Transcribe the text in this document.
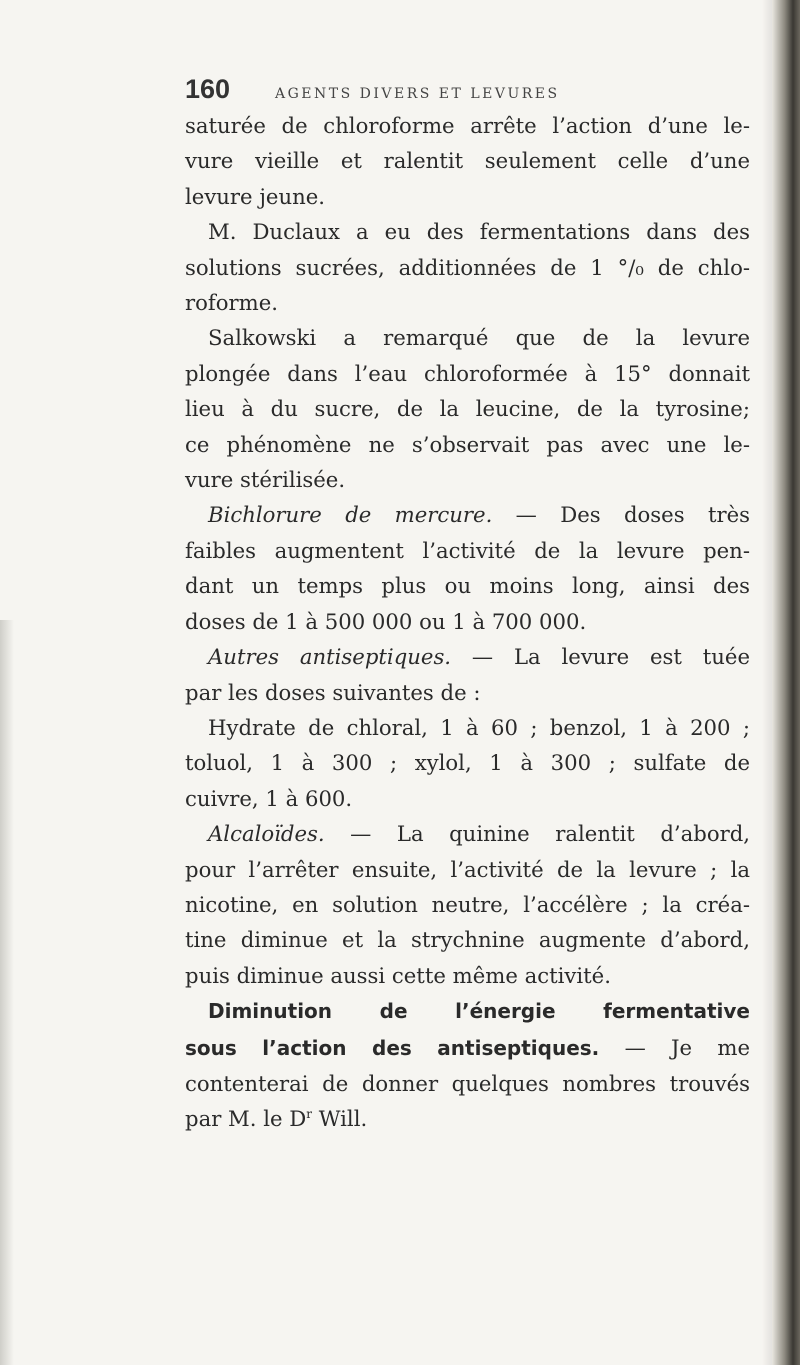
160	AGENTS DIVERS ET LEVURES
saturée de chloroforme arrête l’action d’une le-
vure vieille et ralentit seulement celle d’une
levure jeune.
M. Duclaux a eu des fermentations dans des
solutions sucrées, additionnées de 1 °/₀ de chlo-
roforme.
Salkowski a remarqué que de la levure
plongée dans l’eau chloroformée à 15° donnait
lieu à du sucre, de la leucine, de la tyrosine;
ce phénomène ne s’observait pas avec une le-
vure stérilisée.
Bichlorure de mercure. — Des doses très
faibles augmentent l’activité de la levure pen-
dant un temps plus ou moins long, ainsi des
doses de 1 à 500 000 ou 1 à 700 000.
Autres antiseptiques. — La levure est tuée
par les doses suivantes de :
Hydrate de chloral, 1 à 60 ; benzol, 1 à 200 ;
toluol, 1 à 300 ; xylol, 1 à 300 ; sulfate de
cuivre, 1 à 600.
Alcaloïdes. — La quinine ralentit d’abord,
pour l’arrêter ensuite, l’activité de la levure ; la
nicotine, en solution neutre, l’accélère ; la créa-
tine diminue et la strychnine augmente d’abord,
puis diminue aussi cette même activité.
Diminution de l’énergie fermentative
sous l’action des antiseptiques. — Je me
contenterai de donner quelques nombres trouvés
par M. le $D^r$ Will.
